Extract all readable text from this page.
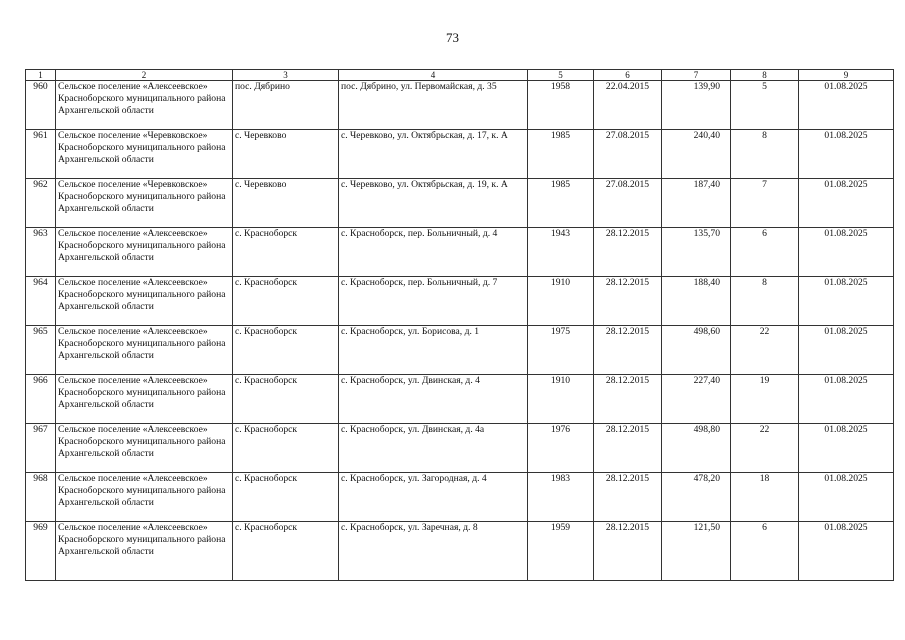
73
1	2	3	4	5	6	7	8	9
960	Сельское поселение «Алексеевское» Красноборского муниципального района Архангельской области	пос. Дябрино	пос. Дябрино, ул. Первомайская, д. 35	1958	22.04.2015	139,90	5	01.08.2025
961	Сельское поселение «Черевковское» Красноборского муниципального района Архангельской области	с. Черевково	с. Черевково, ул. Октябрьская, д. 17, к. А	1985	27.08.2015	240,40	8	01.08.2025
962	Сельское поселение «Черевковское» Красноборского муниципального района Архангельской области	с. Черевково	с. Черевково, ул. Октябрьская, д. 19, к. А	1985	27.08.2015	187,40	7	01.08.2025
963	Сельское поселение «Алексеевское» Красноборского муниципального района Архангельской области	с. Красноборск	с. Красноборск, пер. Больничный, д. 4	1943	28.12.2015	135,70	6	01.08.2025
964	Сельское поселение «Алексеевское» Красноборского муниципального района Архангельской области	с. Красноборск	с. Красноборск, пер. Больничный, д. 7	1910	28.12.2015	188,40	8	01.08.2025
965	Сельское поселение «Алексеевское» Красноборского муниципального района Архангельской области	с. Красноборск	с. Красноборск, ул. Борисова, д. 1	1975	28.12.2015	498,60	22	01.08.2025
966	Сельское поселение «Алексеевское» Красноборского муниципального района Архангельской области	с. Красноборск	с. Красноборск, ул. Двинская, д. 4	1910	28.12.2015	227,40	19	01.08.2025
967	Сельское поселение «Алексеевское» Красноборского муниципального района Архангельской области	с. Красноборск	с. Красноборск, ул. Двинская, д. 4а	1976	28.12.2015	498,80	22	01.08.2025
968	Сельское поселение «Алексеевское» Красноборского муниципального района Архангельской области	с. Красноборск	с. Красноборск, ул. Загородная, д. 4	1983	28.12.2015	478,20	18	01.08.2025
969	Сельское поселение «Алексеевское» Красноборского муниципального района Архангельской области	с. Красноборск	с. Красноборск, ул. Заречная, д. 8	1959	28.12.2015	121,50	6	01.08.2025
